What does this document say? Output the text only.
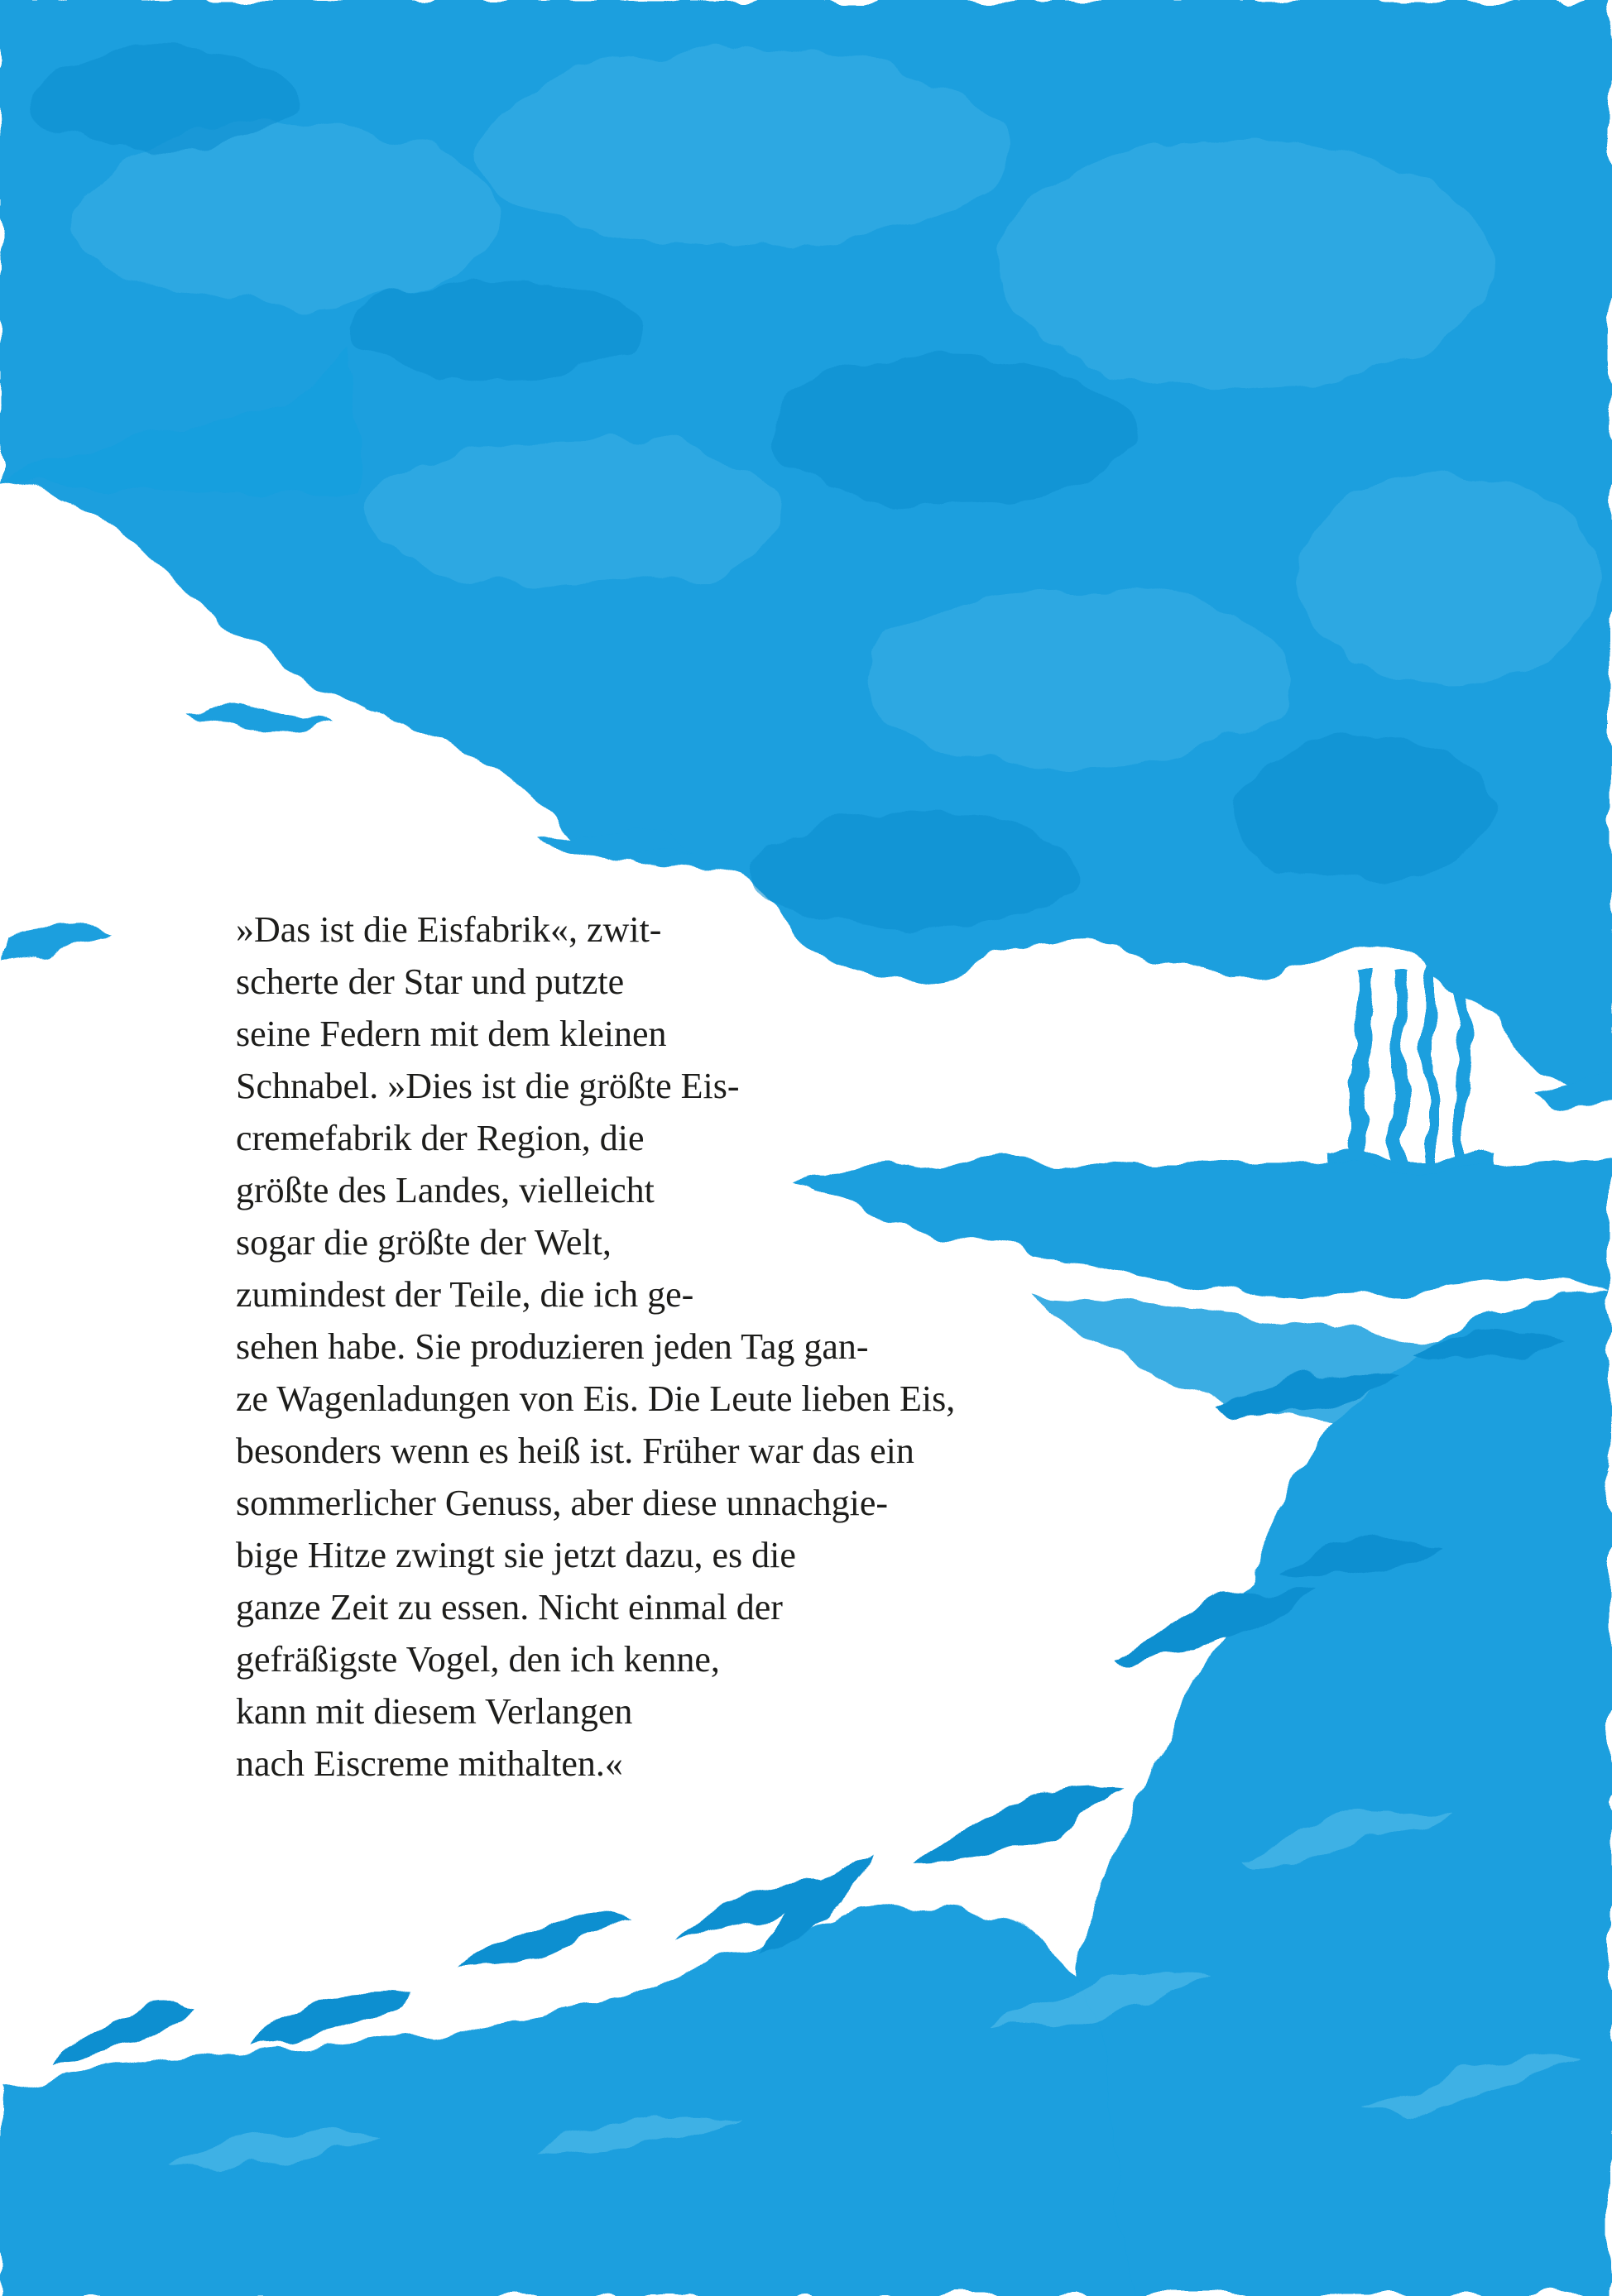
»Das ist die Eisfabrik«, zwit-
scherte der Star und putzte
seine Federn mit dem kleinen
Schnabel. »Dies ist die größte Eis-
cremefabrik der Region, die
größte des Landes, vielleicht
sogar die größte der Welt,
zumindest der Teile, die ich ge-
sehen habe. Sie produzieren jeden Tag gan-
ze Wagenladungen von Eis. Die Leute lieben Eis,
besonders wenn es heiß ist. Früher war das ein
sommerlicher Genuss, aber diese unnachgie-
bige Hitze zwingt sie jetzt dazu, es die
ganze Zeit zu essen. Nicht einmal der
gefräßigste Vogel, den ich kenne,
kann mit diesem Verlangen
nach Eiscreme mithalten.«
